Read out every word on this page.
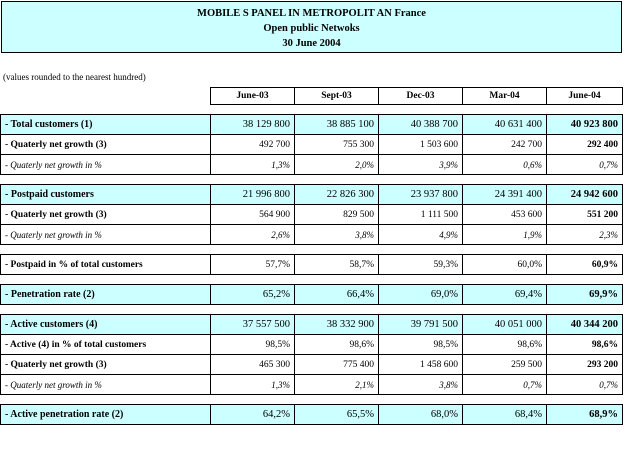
MOBILE S PANEL IN METROPOLIT AN France
Open public Netwoks
30 June 2004
(values rounded to the nearest hundred)
	June-03	Sept-03	Dec-03	Mar-04	June-04

- Total customers (1)	38 129 800	38 885 100	40 388 700	40 631 400	40 923 800
- Quaterly net growth (3)	492 700	755 300	1 503 600	242 700	292 400
- Quaterly net growth in %	1,3%	2,0%	3,9%	0,6%	0,7%

- Postpaid customers	21 996 800	22 826 300	23 937 800	24 391 400	24 942 600
- Quaterly net growth (3)	564 900	829 500	1 111 500	453 600	551 200
- Quaterly net growth in %	2,6%	3,8%	4,9%	1,9%	2,3%

- Postpaid in % of total customers	57,7%	58,7%	59,3%	60,0%	60,9%

- Penetration rate (2)	65,2%	66,4%	69,0%	69,4%	69,9%

- Active customers (4)	37 557 500	38 332 900	39 791 500	40 051 000	40 344 200
- Active (4) in % of total customers	98,5%	98,6%	98,5%	98,6%	98,6%
- Quaterly net growth (3)	465 300	775 400	1 458 600	259 500	293 200
- Quaterly net growth in %	1,3%	2,1%	3,8%	0,7%	0,7%

- Active penetration rate (2)	64,2%	65,5%	68,0%	68,4%	68,9%
